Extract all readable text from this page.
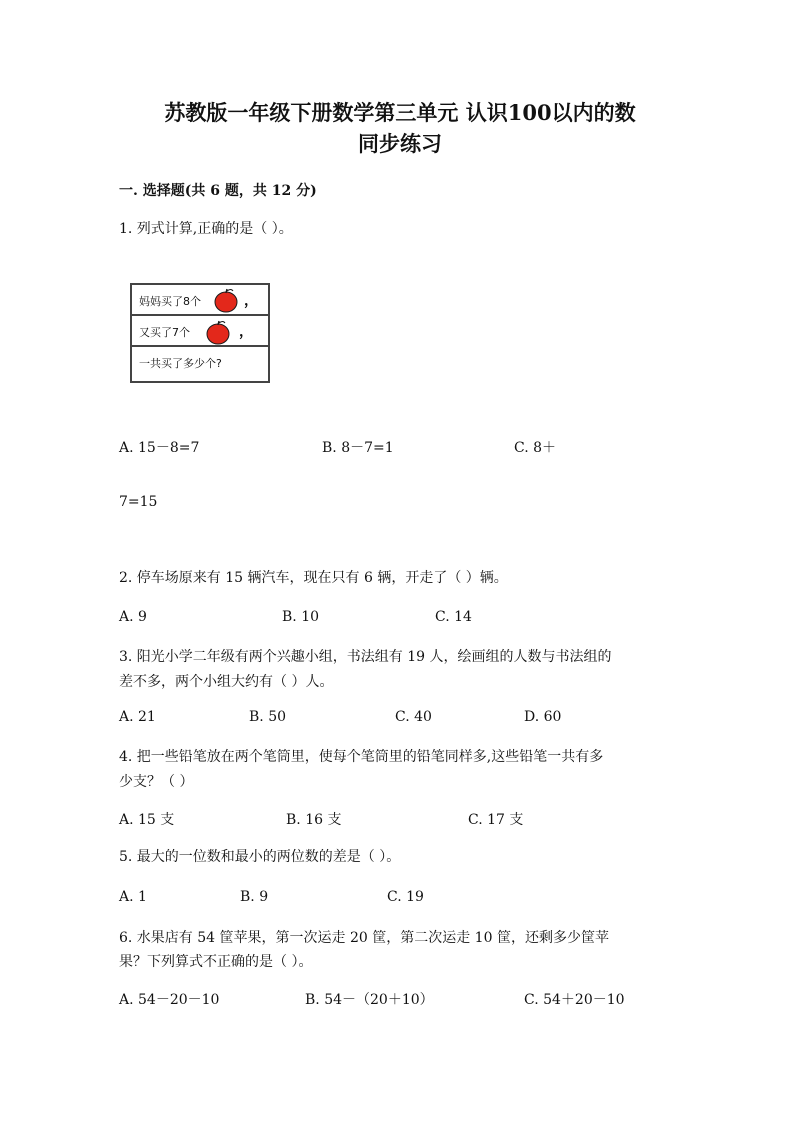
苏教版一年级下册数学第三单元 认识100以内的数
同步练习
一. 选择题(共 6 题，共 12 分)
1. 列式计算,正确的是（ ）。
妈妈买了8个	，
又买了7个	，
一共买了多少个?
A. 15－8=7	B. 8－7=1	C. 8＋
7=15
2. 停车场原来有 15 辆汽车，现在只有 6 辆，开走了（ ）辆。
A. 9	B. 10	C. 14
3. 阳光小学二年级有两个兴趣小组，书法组有 19 人，绘画组的人数与书法组的
差不多，两个小组大约有（ ）人。
A. 21	B. 50	C. 40	D. 60
4. 把一些铅笔放在两个笔筒里，使每个笔筒里的铅笔同样多,这些铅笔一共有多
少支？（ ）
A. 15 支	B. 16 支	C. 17 支
5. 最大的一位数和最小的两位数的差是（ ）。
A. 1	B. 9	C. 19
6. 水果店有 54 筐苹果，第一次运走 20 筐，第二次运走 10 筐，还剩多少筐苹
果？下列算式不正确的是（ ）。
A. 54－20－10	B. 54－（20＋10）	C. 54＋20－10
